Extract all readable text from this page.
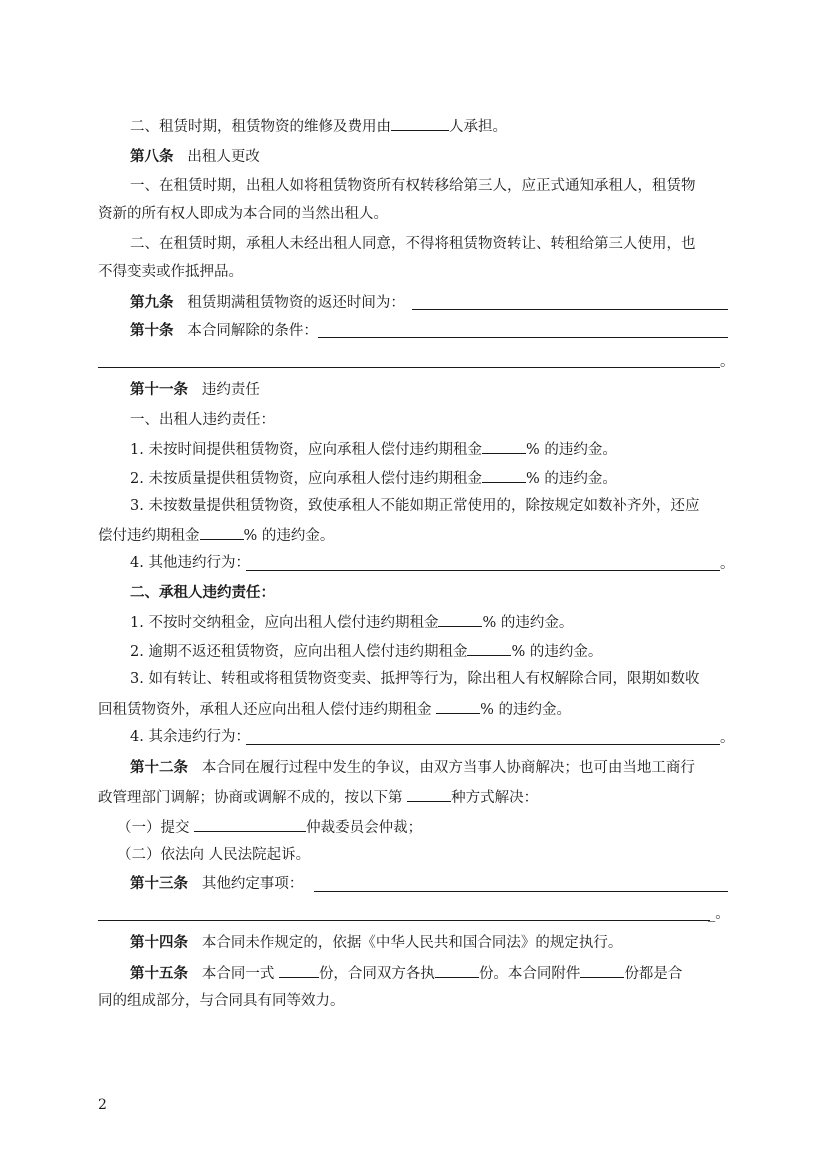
二、租赁时期，租赁物资的维修及费用由	人承担。
第八条 出租人更改
一、在租赁时期，出租人如将租赁物资所有权转移给第三人，应正式通知承租人，租赁物
资新的所有权人即成为本合同的当然出租人。
二、在租赁时期，承租人未经出租人同意，不得将租赁物资转让、转租给第三人使用，也
不得变卖或作抵押品。
第九条 租赁期满租赁物资的返还时间为：
第十条 本合同解除的条件：
。
第十一条 违约责任
一、出租人违约责任：
1. 未按时间提供租赁物资，应向承租人偿付违约期租金	% 的违约金。
2. 未按质量提供租赁物资，应向承租人偿付违约期租金	% 的违约金。
3. 未按数量提供租赁物资，致使承租人不能如期正常使用的，除按规定如数补齐外，还应
偿付违约期租金	% 的违约金。
4. 其他违约行为：	。
二、承租人违约责任：
1. 不按时交纳租金，应向出租人偿付违约期租金	% 的违约金。
2. 逾期不返还租赁物资，应向出租人偿付违约期租金	% 的违约金。
3. 如有转让、转租或将租赁物资变卖、抵押等行为，除出租人有权解除合同，限期如数收
回租赁物资外，承租人还应向出租人偿付违约期租金	% 的违约金。
4. 其余违约行为：	。
第十二条 本合同在履行过程中发生的争议，由双方当事人协商解决；也可由当地工商行
政管理部门调解；协商或调解不成的，按以下第	种方式解决：
（一）提交	仲裁委员会仲裁；
（二）依法向 人民法院起诉。
第十三条 其他约定事项：
_。
第十四条 本合同未作规定的，依据《中华人民共和国合同法》的规定执行。
第十五条 本合同一式	份，合同双方各执	份。本合同附件	份都是合
同的组成部分，与合同具有同等效力。
2
